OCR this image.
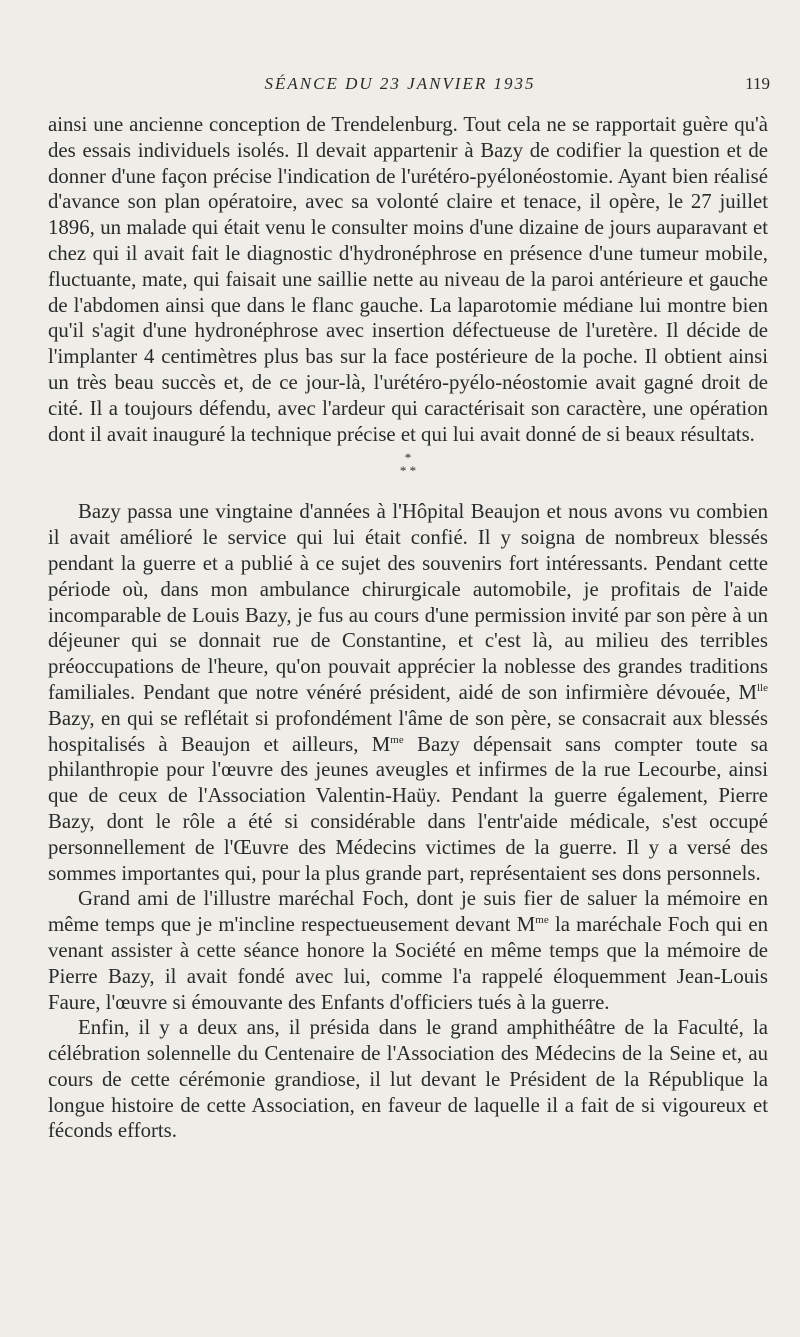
SÉANCE DU 23 JANVIER 1935	119

ainsi une ancienne conception de Trendelenburg. Tout cela ne se rapportait guère qu'à des essais individuels isolés. Il devait appartenir à Bazy de codifier la question et de donner d'une façon précise l'indication de l'urétéro-pyélonéostomie. Ayant bien réalisé d'avance son plan opératoire, avec sa volonté claire et tenace, il opère, le 27 juillet 1896, un malade qui était venu le consulter moins d'une dizaine de jours auparavant et chez qui il avait fait le diagnostic d'hydronéphrose en présence d'une tumeur mobile, fluctuante, mate, qui faisait une saillie nette au niveau de la paroi antérieure et gauche de l'abdomen ainsi que dans le flanc gauche. La laparotomie médiane lui montre bien qu'il s'agit d'une hydronéphrose avec insertion défectueuse de l'uretère. Il décide de l'implanter 4 centimètres plus bas sur la face postérieure de la poche. Il obtient ainsi un très beau succès et, de ce jour-là, l'urétéro-pyélo-néostomie avait gagné droit de cité. Il a toujours défendu, avec l'ardeur qui caractérisait son caractère, une opération dont il avait inauguré la technique précise et qui lui avait donné de si beaux résultats.

*
* *

Bazy passa une vingtaine d'années à l'Hôpital Beaujon et nous avons vu combien il avait amélioré le service qui lui était confié. Il y soigna de nombreux blessés pendant la guerre et a publié à ce sujet des souvenirs fort intéressants. Pendant cette période où, dans mon ambulance chirurgicale automobile, je profitais de l'aide incomparable de Louis Bazy, je fus au cours d'une permission invité par son père à un déjeuner qui se donnait rue de Constantine, et c'est là, au milieu des terribles préoccupations de l'heure, qu'on pouvait apprécier la noblesse des grandes traditions familiales. Pendant que notre vénéré président, aidé de son infirmière dévouée, $M^{lle}$ Bazy, en qui se reflétait si profondément l'âme de son père, se consacrait aux blessés hospitalisés à Beaujon et ailleurs, $M^{me}$ Bazy dépensait sans compter toute sa philanthropie pour l'œuvre des jeunes aveugles et infirmes de la rue Lecourbe, ainsi que de ceux de l'Association Valentin-Haüy. Pendant la guerre également, Pierre Bazy, dont le rôle a été si considérable dans l'entr'aide médicale, s'est occupé personnellement de l'Œuvre des Médecins victimes de la guerre. Il y a versé des sommes importantes qui, pour la plus grande part, représentaient ses dons personnels.

Grand ami de l'illustre maréchal Foch, dont je suis fier de saluer la mémoire en même temps que je m'incline respectueusement devant $M^{me}$ la maréchale Foch qui en venant assister à cette séance honore la Société en même temps que la mémoire de Pierre Bazy, il avait fondé avec lui, comme l'a rappelé éloquemment Jean-Louis Faure, l'œuvre si émouvante des Enfants d'officiers tués à la guerre.

Enfin, il y a deux ans, il présida dans le grand amphithéâtre de la Faculté, la célébration solennelle du Centenaire de l'Association des Médecins de la Seine et, au cours de cette cérémonie grandiose, il lut devant le Président de la République la longue histoire de cette Association, en faveur de laquelle il a fait de si vigoureux et féconds efforts.
